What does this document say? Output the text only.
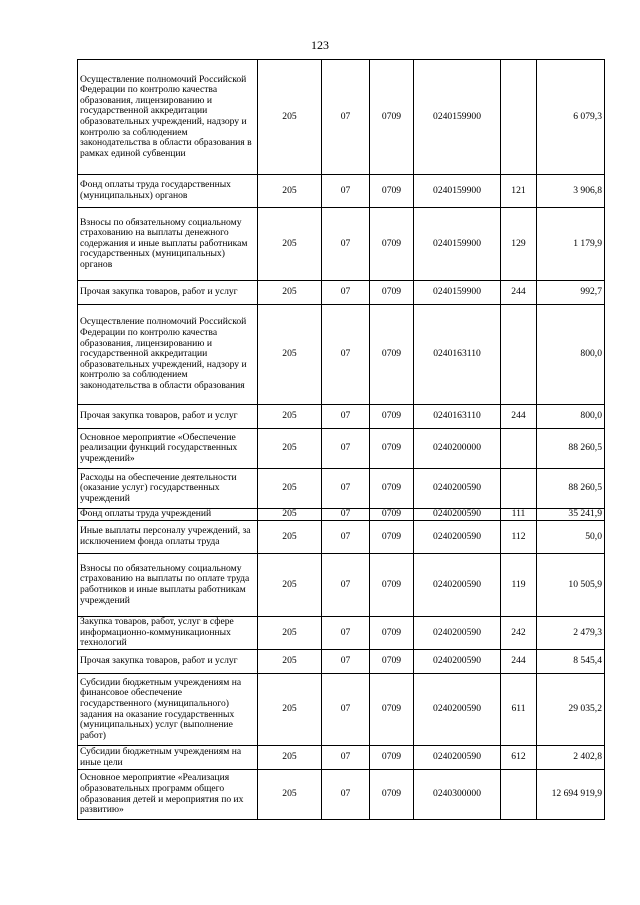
123
Осуществление полномочий Российской Федерации по контролю качества образования, лицензированию и государственной аккредитации образовательных учреждений, надзору и контролю за соблюдением законодательства в области образования в рамках единой субвенции	205	07	0709	0240159900		6 079,3
Фонд оплаты труда государственных (муниципальных) органов	205	07	0709	0240159900	121	3 906,8
Взносы по обязательному социальному страхованию на выплаты денежного содержания и иные выплаты работникам государственных (муниципальных) органов	205	07	0709	0240159900	129	1 179,9
Прочая закупка товаров, работ и услуг	205	07	0709	0240159900	244	992,7
Осуществление полномочий Российской Федерации по контролю качества образования, лицензированию и государственной аккредитации образовательных учреждений, надзору и контролю за соблюдением законодательства в области образования	205	07	0709	0240163110		800,0
Прочая закупка товаров, работ и услуг	205	07	0709	0240163110	244	800,0
Основное мероприятие «Обеспечение реализации функций государственных учреждений»	205	07	0709	0240200000		88 260,5
Расходы на обеспечение деятельности (оказание услуг) государственных учреждений	205	07	0709	0240200590		88 260,5
Фонд оплаты труда учреждений	205	07	0709	0240200590	111	35 241,9
Иные выплаты персоналу учреждений, за исключением фонда оплаты труда	205	07	0709	0240200590	112	50,0
Взносы по обязательному социальному страхованию на выплаты по оплате труда работников и иные выплаты работникам учреждений	205	07	0709	0240200590	119	10 505,9
Закупка товаров, работ, услуг в сфере информационно-коммуникационных технологий	205	07	0709	0240200590	242	2 479,3
Прочая закупка товаров, работ и услуг	205	07	0709	0240200590	244	8 545,4
Субсидии бюджетным учреждениям на финансовое обеспечение государственного (муниципального) задания на оказание государственных (муниципальных) услуг (выполнение работ)	205	07	0709	0240200590	611	29 035,2
Субсидии бюджетным учреждениям на иные цели	205	07	0709	0240200590	612	2 402,8
Основное мероприятие «Реализация образовательных программ общего образования детей и мероприятия по их развитию»	205	07	0709	0240300000		12 694 919,9
